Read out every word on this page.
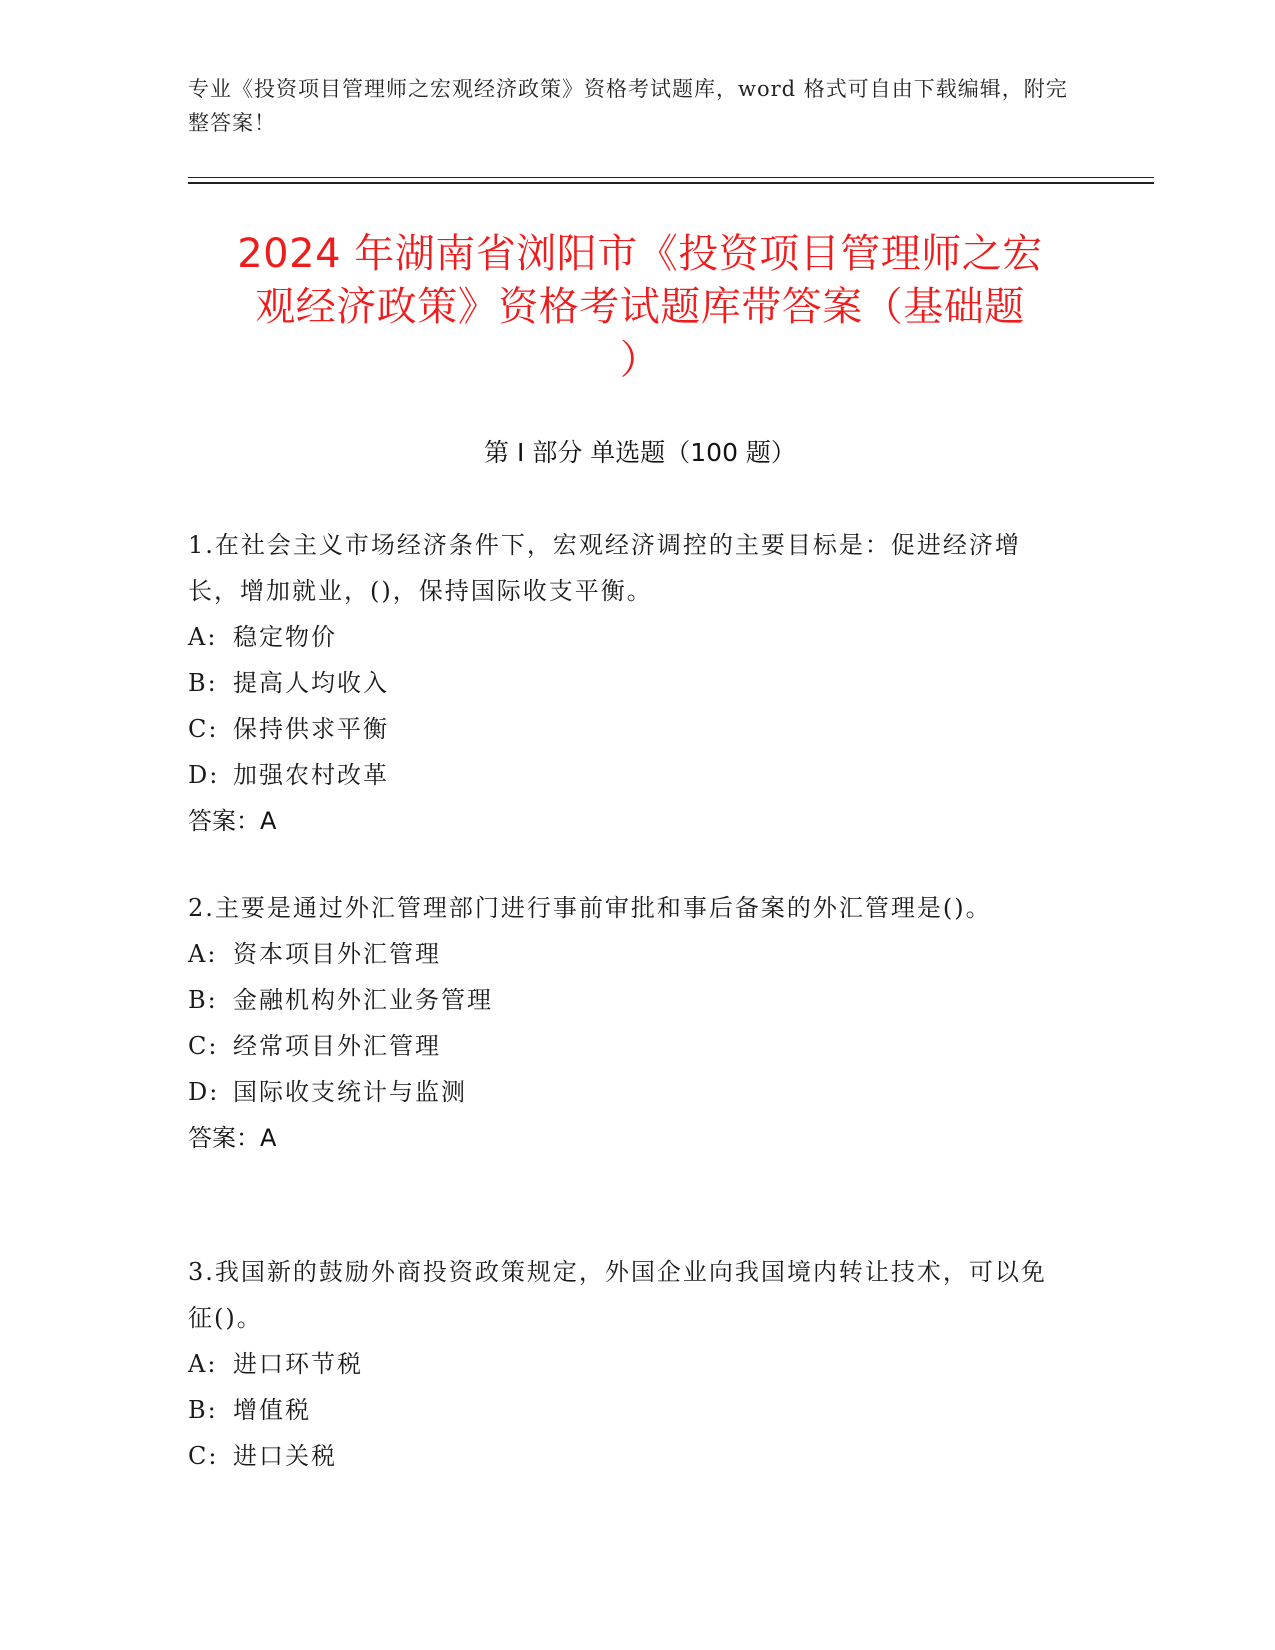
专业《投资项目管理师之宏观经济政策》资格考试题库，word 格式可自由下载编辑，附完整答案！
2024 年湖南省浏阳市《投资项目管理师之宏
观经济政策》资格考试题库带答案（基础题
）
第 I 部分 单选题（100 题）
1.在社会主义市场经济条件下，宏观经济调控的主要目标是：促进经济增长，增加就业，()，保持国际收支平衡。
A: 稳定物价
B: 提高人均收入
C: 保持供求平衡
D: 加强农村改革
答案：A
2.主要是通过外汇管理部门进行事前审批和事后备案的外汇管理是()。
A: 资本项目外汇管理
B: 金融机构外汇业务管理
C: 经常项目外汇管理
D: 国际收支统计与监测
答案：A
3.我国新的鼓励外商投资政策规定，外国企业向我国境内转让技术，可以免征()。
A: 进口环节税
B: 增值税
C: 进口关税
